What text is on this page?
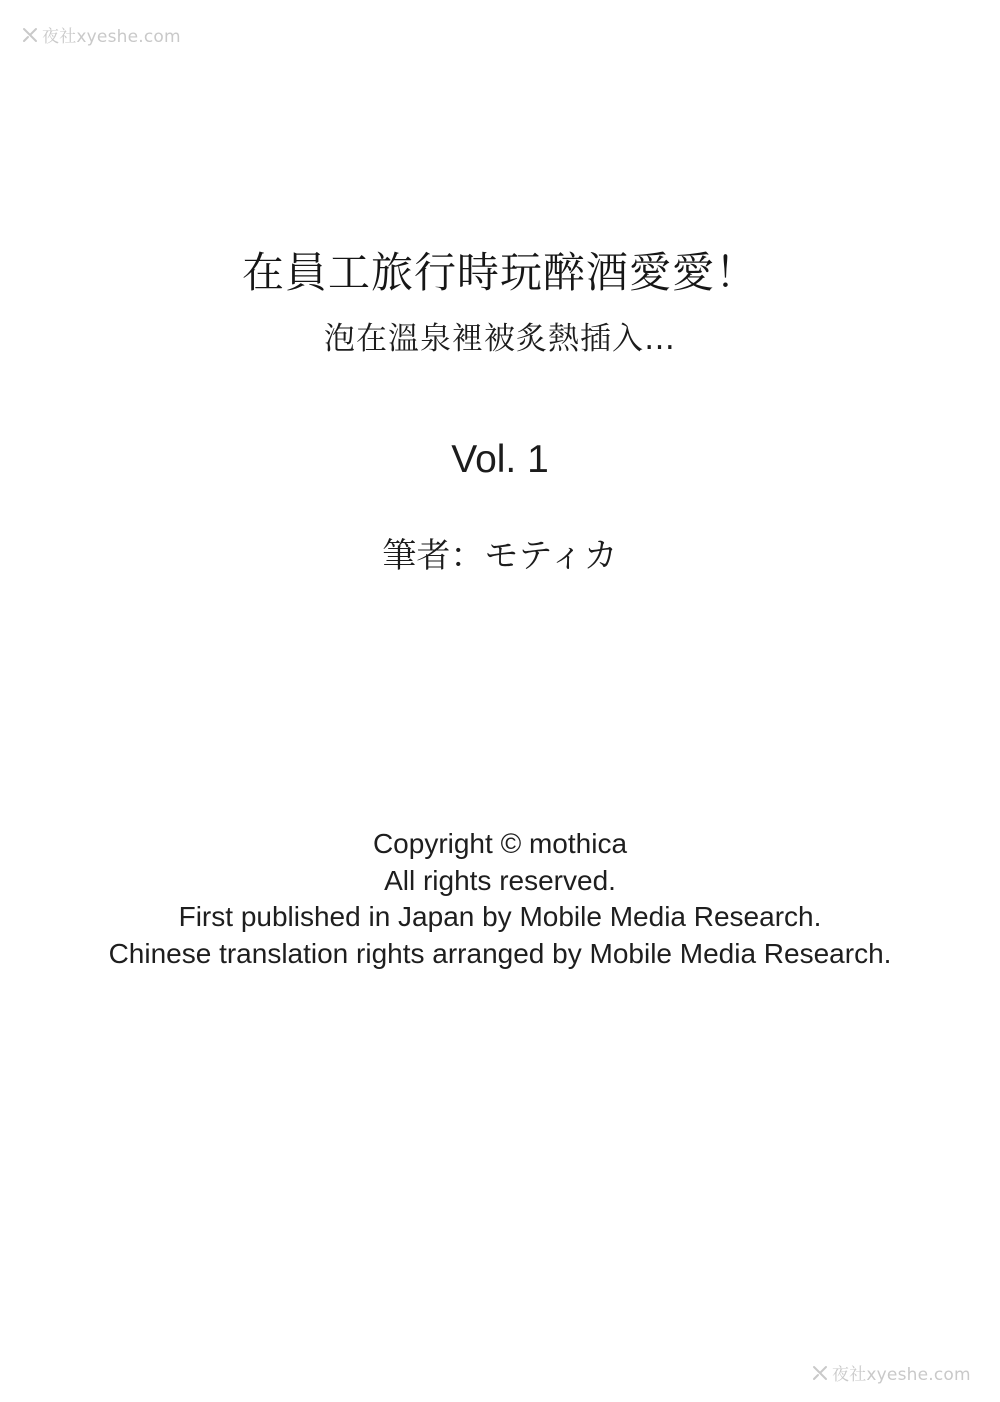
夜社xyeshe.com
在員工旅行時玩醉酒愛愛！
泡在溫泉裡被炙熱插入…
Vol. 1
筆者：モティカ
Copyright © mothica
All rights reserved.
First published in Japan by Mobile Media Research.
Chinese translation rights arranged by Mobile Media Research.
夜社xyeshe.com
